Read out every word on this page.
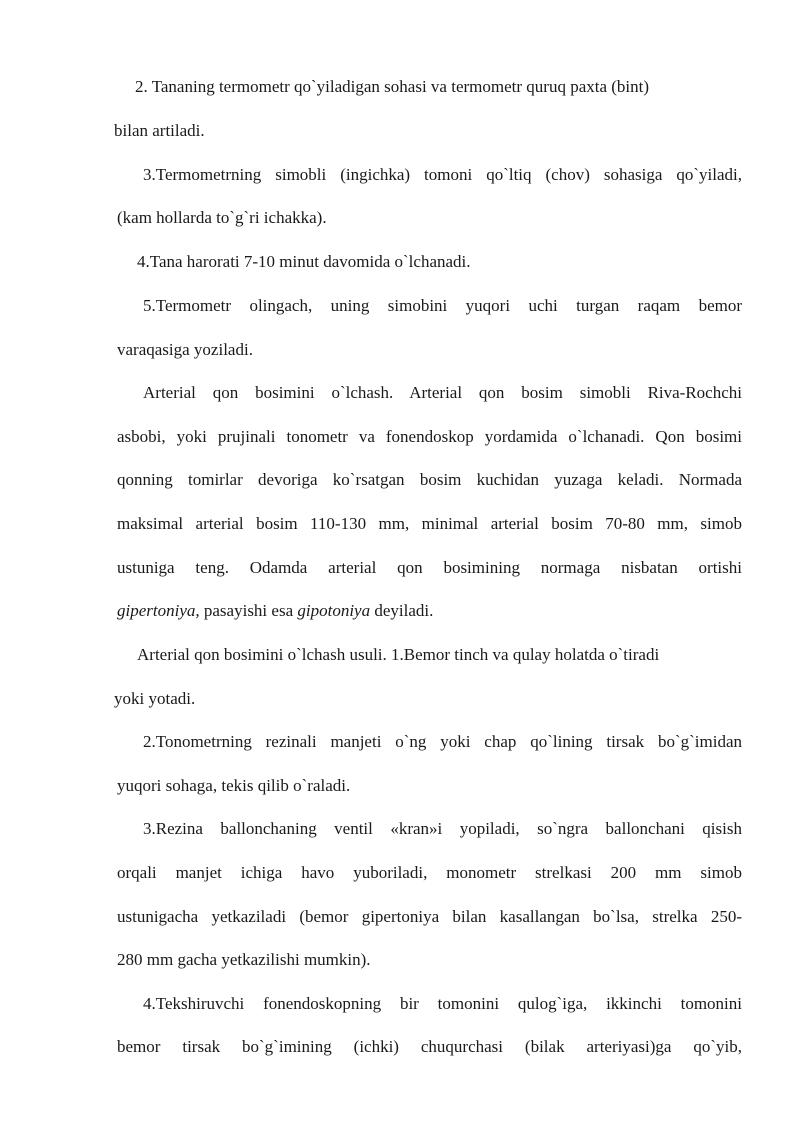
2. Tananing termometr qo`yiladigan sohasi va termometr quruq paxta (bint)
bilan artiladi.
3.Termometrning simobli (ingichka) tomoni qo`ltiq (chov) sohasiga qo`yiladi,
(kam hollarda to`g`ri ichakka).
4.Tana harorati 7-10 minut davomida o`lchanadi.
5.Termometr olingach, uning simobini yuqori uchi turgan raqam bemor
varaqasiga yoziladi.
Arterial qon bosimini o`lchash. Arterial qon bosim simobli Riva-Rochchi
asbobi, yoki prujinali tonometr va fonendoskop yordamida o`lchanadi. Qon bosimi
qonning tomirlar devoriga ko`rsatgan bosim kuchidan yuzaga keladi. Normada
maksimal arterial bosim 110-130 mm, minimal arterial bosim 70-80 mm, simob
ustuniga teng. Odamda arterial qon bosimining normaga nisbatan ortishi
gipertoniya, pasayishi esa gipotoniya deyiladi.
Arterial qon bosimini o`lchash usuli. 1.Bemor tinch va qulay holatda o`tiradi
yoki yotadi.
2.Tonometrning rezinali manjeti o`ng yoki chap qo`lining tirsak bo`g`imidan
yuqori sohaga, tekis qilib o`raladi.
3.Rezina ballonchaning ventil «kran»i yopiladi, so`ngra ballonchani qisish
orqali manjet ichiga havo yuboriladi, monometr strelkasi 200 mm simob
ustunigacha yetkaziladi (bemor gipertoniya bilan kasallangan bo`lsa, strelka 250-
280 mm gacha yetkazilishi mumkin).
4.Tekshiruvchi fonendoskopning bir tomonini qulog`iga, ikkinchi tomonini
bemor tirsak bo`g`imining (ichki) chuqurchasi (bilak arteriyasi)ga qo`yib,
